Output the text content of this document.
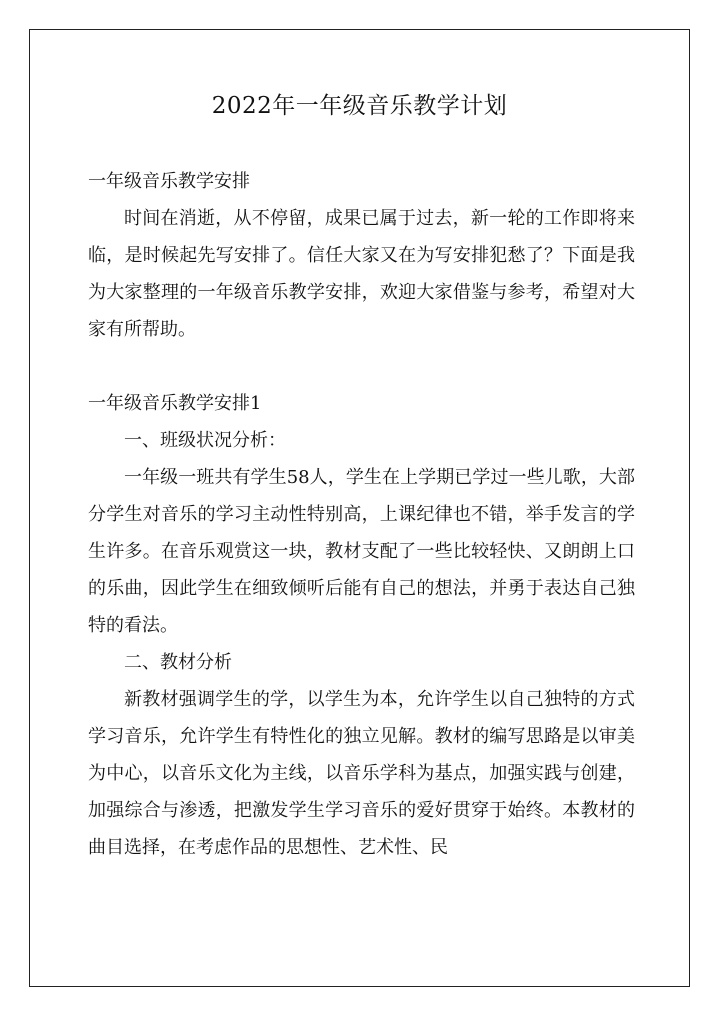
2022年一年级音乐教学计划

一年级音乐教学安排

时间在消逝，从不停留，成果已属于过去，新一轮的工作即将来临，是时候起先写安排了。信任大家又在为写安排犯愁了？下面是我为大家整理的一年级音乐教学安排，欢迎大家借鉴与参考，希望对大家有所帮助。

一年级音乐教学安排1

一、班级状况分析：

一年级一班共有学生58人，学生在上学期已学过一些儿歌，大部分学生对音乐的学习主动性特别高，上课纪律也不错，举手发言的学生许多。在音乐观赏这一块，教材支配了一些比较轻快、又朗朗上口的乐曲，因此学生在细致倾听后能有自己的想法，并勇于表达自己独特的看法。

二、教材分析

新教材强调学生的学，以学生为本，允许学生以自己独特的方式学习音乐，允许学生有特性化的独立见解。教材的编写思路是以审美为中心，以音乐文化为主线，以音乐学科为基点，加强实践与创建，加强综合与渗透，把激发学生学习音乐的爱好贯穿于始终。本教材的曲目选择，在考虑作品的思想性、艺术性、民
